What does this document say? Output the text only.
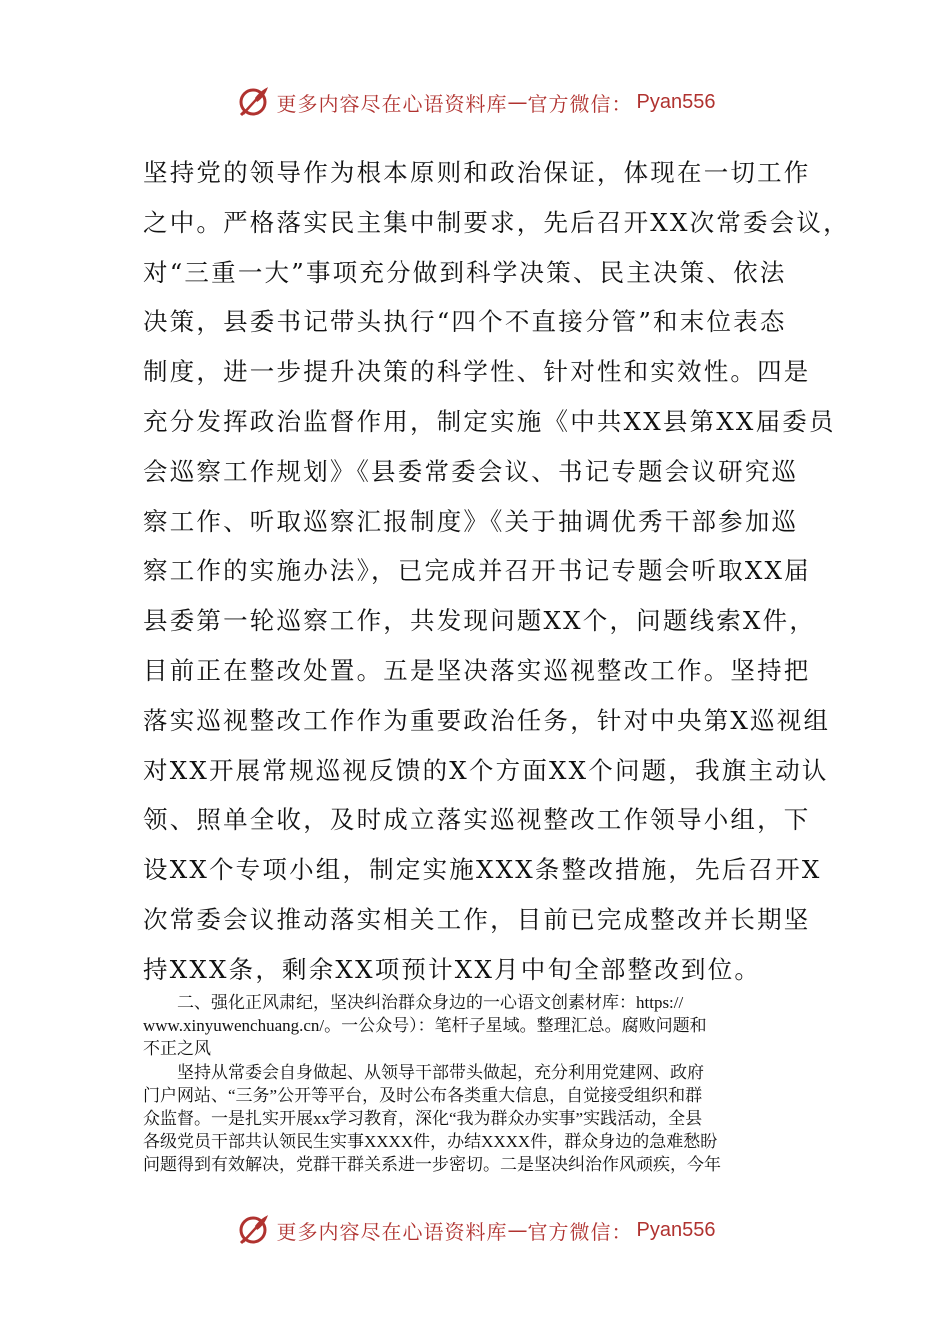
更多内容尽在心语资料库 — 官方微信： Pyan556
坚持党的领导作为根本原则和政治保证，体现在一切工作
之中。严格落实民主集中制要求，先后召开XX次常委会议，
对“三重一大”事项充分做到科学决策、民主决策、依法
决策，县委书记带头执行“四个不直接分管”和末位表态
制度，进一步提升决策的科学性、针对性和实效性。四是
充分发挥政治监督作用，制定实施《中共XX县第XX届委员
会巡察工作规划》《县委常委会议、书记专题会议研究巡
察工作、听取巡察汇报制度》《关于抽调优秀干部参加巡
察工作的实施办法》，已完成并召开书记专题会听取XX届
县委第一轮巡察工作，共发现问题XX个，问题线索X件，
目前正在整改处置。五是坚决落实巡视整改工作。坚持把
落实巡视整改工作作为重要政治任务，针对中央第X巡视组
对XX开展常规巡视反馈的X个方面XX个问题，我旗主动认
领、照单全收，及时成立落实巡视整改工作领导小组，下
设XX个专项小组，制定实施XXX条整改措施，先后召开X
次常委会议推动落实相关工作，目前已完成整改并长期坚
持XXX条，剩余XX项预计XX月中旬全部整改到位。
　　二、强化正风肃纪，坚决纠治群众身边的一心语文创素材库：https://
www.xinyuwenchuang.cn/。一公众号）：笔杆子星域。整理汇总。腐败问题和
不正之风
　　坚持从常委会自身做起、从领导干部带头做起，充分利用党建网、政府
门户网站、“三务”公开等平台，及时公布各类重大信息，自觉接受组织和群
众监督。一是扎实开展xx学习教育，深化“我为群众办实事”实践活动，全县
各级党员干部共认领民生实事XXXX件，办结XXXX件，群众身边的急难愁盼
问题得到有效解决，党群干群关系进一步密切。二是坚决纠治作风顽疾，今年
更多内容尽在心语资料库 — 官方微信： Pyan556
